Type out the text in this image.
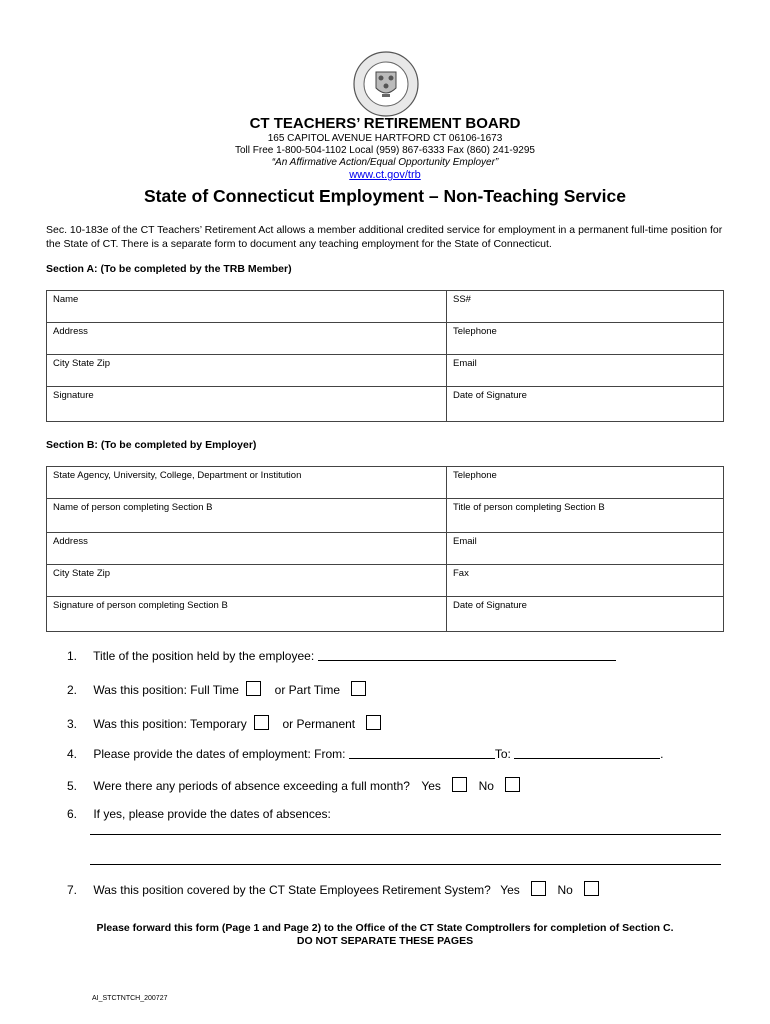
CT TEACHERS’ RETIREMENT BOARD
165 CAPITOL AVENUE HARTFORD CT 06106-1673
Toll Free 1-800-504-1102 Local (959) 867-6333 Fax (860) 241-9295
“An Affirmative Action/Equal Opportunity Employer”
www.ct.gov/trb
State of Connecticut Employment – Non-Teaching Service
Sec. 10-183e of the CT Teachers’ Retirement Act allows a member additional credited service for employment in a permanent full-time position for the State of CT. There is a separate form to document any teaching employment for the State of Connecticut.
Section A: (To be completed by the TRB Member)
Name	SS#
Address	Telephone
City State Zip	Email
Signature	Date of Signature
Section B: (To be completed by Employer)
State Agency, University, College, Department or Institution	Telephone
Name of person completing Section B	Title of person completing Section B
Address	Email
City State Zip	Fax
Signature of person completing Section B	Date of Signature
1. Title of the position held by the employee:
2. Was this position: Full Time	or Part Time
3. Was this position: Temporary	or Permanent
4. Please provide the dates of employment: From:	To:	.
5. Were there any periods of absence exceeding a full month? Yes	No
6. If yes, please provide the dates of absences:
7. Was this position covered by the CT State Employees Retirement System? Yes	No
Please forward this form (Page 1 and Page 2) to the Office of the CT State Comptrollers for completion of Section C.
DO NOT SEPARATE THESE PAGES
AI_STCTNTCH_200727
